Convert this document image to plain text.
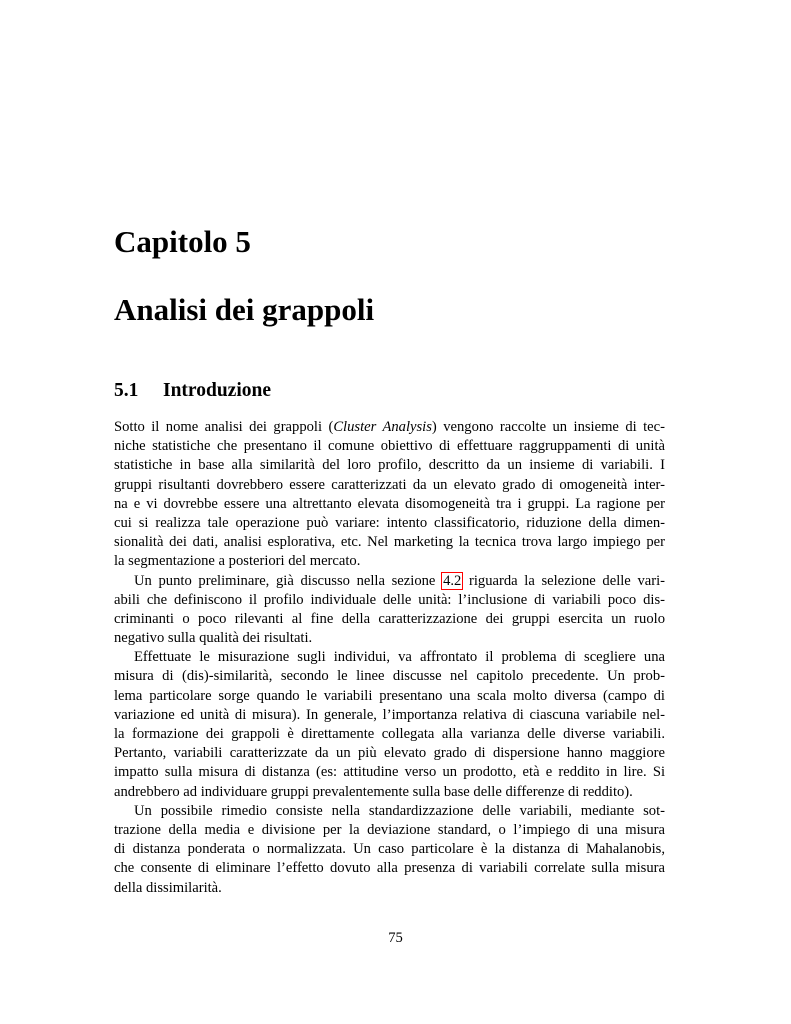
Capitolo 5
Analisi dei grappoli
5.1 Introduzione
Sotto il nome analisi dei grappoli (Cluster Analysis) vengono raccolte un insieme di tec-
niche statistiche che presentano il comune obiettivo di effettuare raggruppamenti di unità
statistiche in base alla similarità del loro profilo, descritto da un insieme di variabili. I
gruppi risultanti dovrebbero essere caratterizzati da un elevato grado di omogeneità inter-
na e vi dovrebbe essere una altrettanto elevata disomogeneità tra i gruppi. La ragione per
cui si realizza tale operazione può variare: intento classificatorio, riduzione della dimen-
sionalità dei dati, analisi esplorativa, etc. Nel marketing la tecnica trova largo impiego per
la segmentazione a posteriori del mercato.
Un punto preliminare, già discusso nella sezione 4.2 riguarda la selezione delle vari-
abili che definiscono il profilo individuale delle unità: l’inclusione di variabili poco dis-
criminanti o poco rilevanti al fine della caratterizzazione dei gruppi esercita un ruolo
negativo sulla qualità dei risultati.
Effettuate le misurazione sugli individui, va affrontato il problema di scegliere una
misura di (dis)-similarità, secondo le linee discusse nel capitolo precedente. Un prob-
lema particolare sorge quando le variabili presentano una scala molto diversa (campo di
variazione ed unità di misura). In generale, l’importanza relativa di ciascuna variabile nel-
la formazione dei grappoli è direttamente collegata alla varianza delle diverse variabili.
Pertanto, variabili caratterizzate da un più elevato grado di dispersione hanno maggiore
impatto sulla misura di distanza (es: attitudine verso un prodotto, età e reddito in lire. Si
andrebbero ad individuare gruppi prevalentemente sulla base delle differenze di reddito).
Un possibile rimedio consiste nella standardizzazione delle variabili, mediante sot-
trazione della media e divisione per la deviazione standard, o l’impiego di una misura
di distanza ponderata o normalizzata. Un caso particolare è la distanza di Mahalanobis,
che consente di eliminare l’effetto dovuto alla presenza di variabili correlate sulla misura
della dissimilarità.

75
